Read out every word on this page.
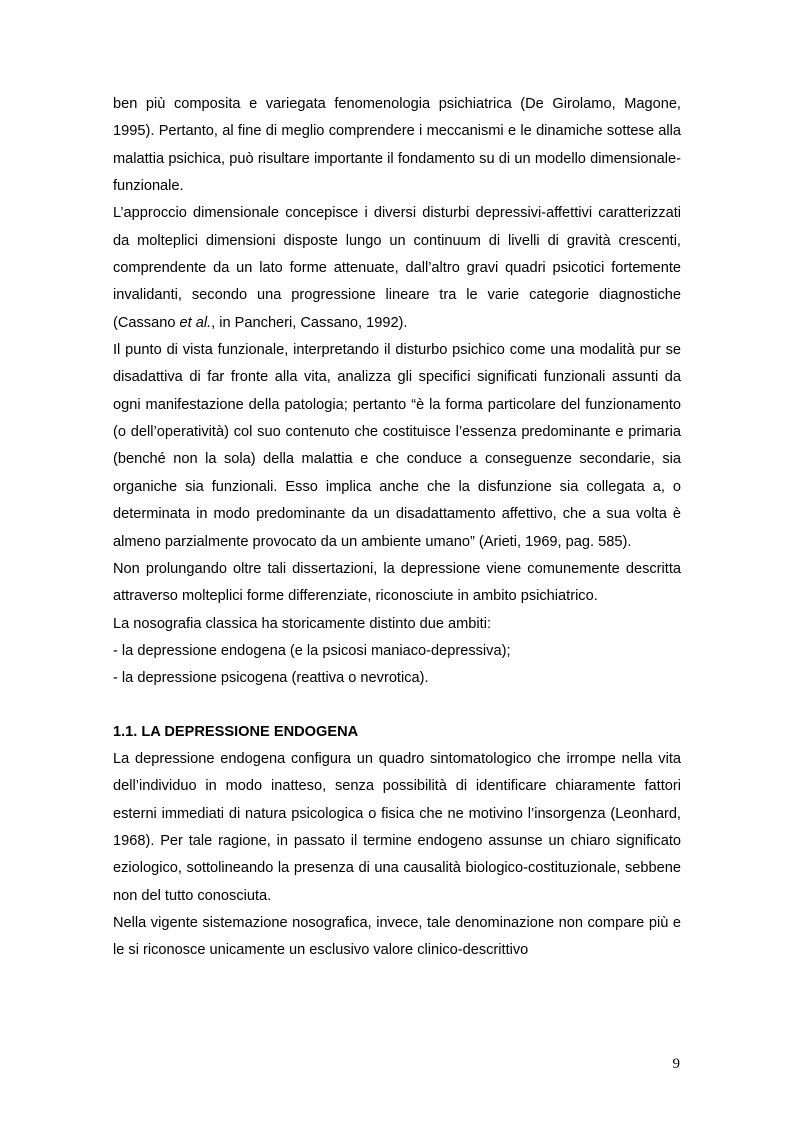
ben più composita e variegata fenomenologia psichiatrica (De Girolamo, Magone, 1995). Pertanto, al fine di meglio comprendere i meccanismi e le dinamiche sottese alla malattia psichica, può risultare importante il fondamento su di un modello dimensionale-funzionale.

L’approccio dimensionale concepisce i diversi disturbi depressivi-affettivi caratterizzati da molteplici dimensioni disposte lungo un continuum di livelli di gravità crescenti, comprendente da un lato forme attenuate, dall’altro gravi quadri psicotici fortemente invalidanti, secondo una progressione lineare tra le varie categorie diagnostiche (Cassano et al., in Pancheri, Cassano, 1992).

Il punto di vista funzionale, interpretando il disturbo psichico come una modalità pur se disadattiva di far fronte alla vita, analizza gli specifici significati funzionali assunti da ogni manifestazione della patologia; pertanto “è la forma particolare del funzionamento (o dell’operatività) col suo contenuto che costituisce l’essenza predominante e primaria (benché non la sola) della malattia e che conduce a conseguenze secondarie, sia organiche sia funzionali. Esso implica anche che la disfunzione sia collegata a, o determinata in modo predominante da un disadattamento affettivo, che a sua volta è almeno parzialmente provocato da un ambiente umano” (Arieti, 1969, pag. 585).

Non prolungando oltre tali dissertazioni, la depressione viene comunemente descritta attraverso molteplici forme differenziate, riconosciute in ambito psichiatrico.

La nosografia classica ha storicamente distinto due ambiti:

- la depressione endogena (e la psicosi maniaco-depressiva);

- la depressione psicogena (reattiva o nevrotica).

1.1. LA DEPRESSIONE ENDOGENA

La depressione endogena configura un quadro sintomatologico che irrompe nella vita dell’individuo in modo inatteso, senza possibilità di identificare chiaramente fattori esterni immediati di natura psicologica o fisica che ne motivino l’insorgenza (Leonhard, 1968). Per tale ragione, in passato il termine endogeno assunse un chiaro significato eziologico, sottolineando la presenza di una causalità biologico-costituzionale, sebbene non del tutto conosciuta.

Nella vigente sistemazione nosografica, invece, tale denominazione non compare più e le si riconosce unicamente un esclusivo valore clinico-descrittivo

9
